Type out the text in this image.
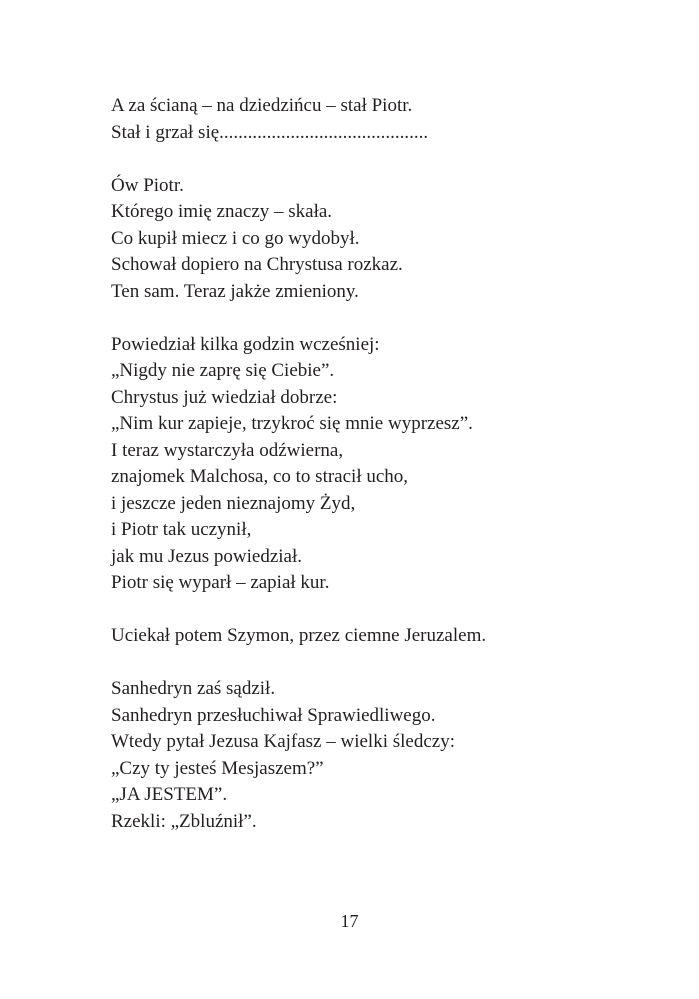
A za ścianą – na dziedzińcu – stał Piotr.
Stał i grzał się............................................
Ów Piotr.
Którego imię znaczy – skała.
Co kupił miecz i co go wydobył.
Schował dopiero na Chrystusa rozkaz.
Ten sam. Teraz jakże zmieniony.
Powiedział kilka godzin wcześniej:
„Nigdy nie zaprę się Ciebie”.
Chrystus już wiedział dobrze:
„Nim kur zapieje, trzykroć się mnie wyprzesz”.
I teraz wystarczyła odźwierna,
znajomek Malchosa, co to stracił ucho,
i jeszcze jeden nieznajomy Żyd,
i Piotr tak uczynił,
jak mu Jezus powiedział.
Piotr się wyparł – zapiał kur.
Uciekał potem Szymon, przez ciemne Jeruzalem.
Sanhedryn zaś sądził.
Sanhedryn przesłuchiwał Sprawiedliwego.
Wtedy pytał Jezusa Kajfasz – wielki śledczy:
„Czy ty jesteś Mesjaszem?”
„JA JESTEM”.
Rzekli: „Zbluźnił”.
17
